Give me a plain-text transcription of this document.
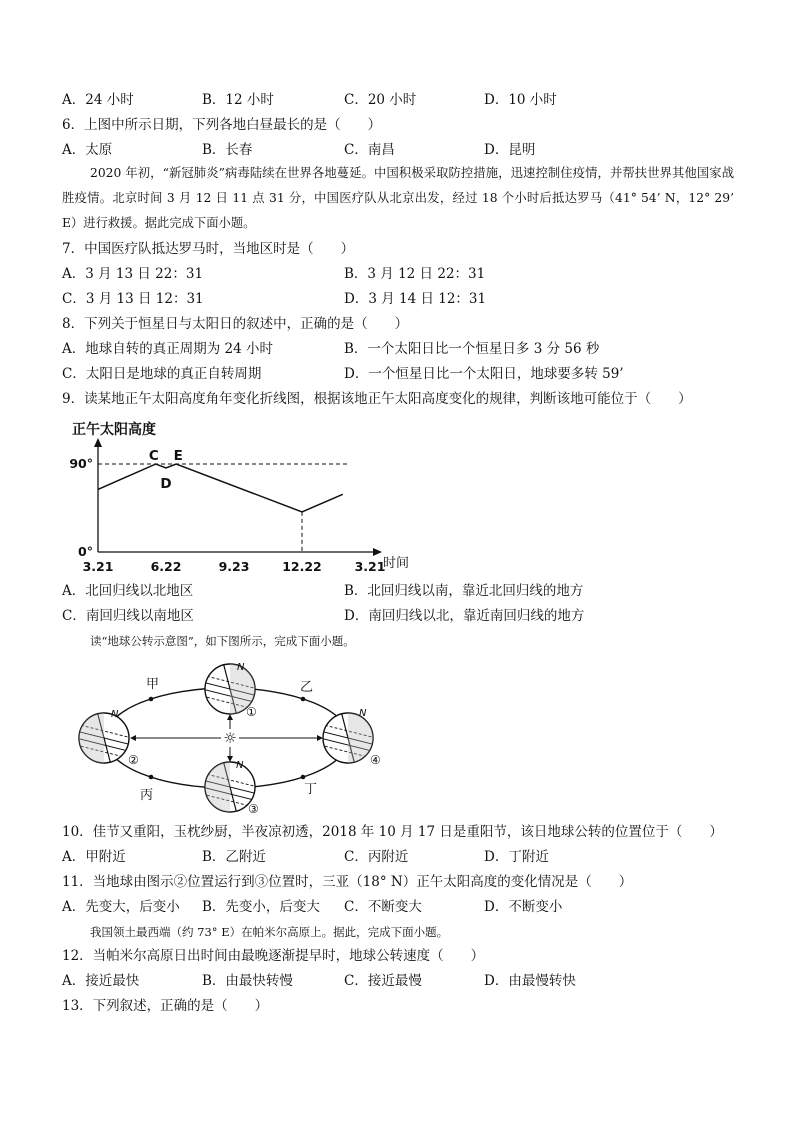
A．24 小时	B．12 小时	C．20 小时	D．10 小时
6．上图中所示日期，下列各地白昼最长的是（　　）
A．太原	B．长春	C．南昌	D．昆明

2020 年初，“新冠肺炎”病毒陆续在世界各地蔓延。中国积极采取防控措施，迅速控制住疫情，并帮扶世界其他国家战胜疫情。北京时间 3 月 12 日 11 点 31 分，中国医疗队从北京出发，经过 18 个小时后抵达罗马（41° 54’ N，12° 29’ E）进行救援。据此完成下面小题。

7．中国医疗队抵达罗马时，当地区时是（　　）
A．3 月 13 日 22：31	B．3 月 12 日 22：31
C．3 月 13 日 12：31	D．3 月 14 日 12：31
8．下列关于恒星日与太阳日的叙述中，正确的是（　　）
A．地球自转的真正周期为 24 小时	B．一个太阳日比一个恒星日多 3 分 56 秒
C．太阳日是地球的真正自转周期	D．一个恒星日比一个太阳日，地球要多转 59’
9．读某地正午太阳高度角年变化折线图，根据该地正午太阳高度变化的规律，判断该地可能位于（　　）
正午太阳高度
时间
3.21	6.22	9.23	12.22	3.21
0°
90°	C
D
E
A．北回归线以北地区	B．北回归线以南，靠近北回归线的地方
C．南回归线以南地区	D．南回归线以北，靠近南回归线的地方
读“地球公转示意图”，如下图所示，完成下面小题。
☼
N
N
N
N
甲	乙
丙	丁
①
②
③
④
10．佳节又重阳，玉枕纱厨，半夜凉初透，2018 年 10 月 17 日是重阳节，该日地球公转的位置位于（　　）
A．甲附近	B．乙附近	C．丙附近	D．丁附近
11．当地球由图示②位置运行到③位置时，三亚（18° N）正午太阳高度的变化情况是（　　）
A．先变大，后变小 B．先变小，后变大 C．不断变大	D．不断变小
我国领土最西端（约 73° E）在帕米尔高原上。据此，完成下面小题。
12．当帕米尔高原日出时间由最晚逐渐提早时，地球公转速度（　　）
A．接近最快	B．由最快转慢	C．接近最慢	D．由最慢转快
13．下列叙述，正确的是（　　）
